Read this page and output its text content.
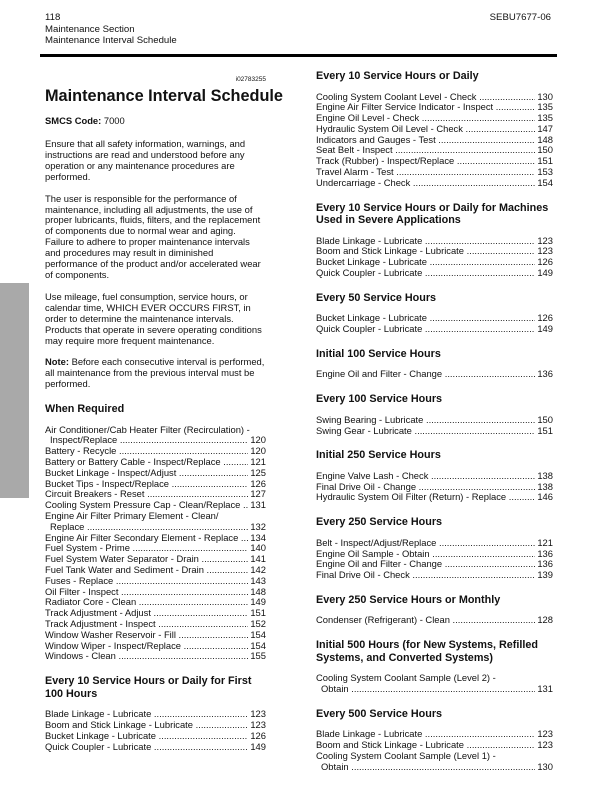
118
Maintenance Section
Maintenance Interval Schedule
SEBU7677-06
i02783255
Maintenance Interval Schedule
SMCS Code: 7000
Ensure that all safety information, warnings, and instructions are read and understood before any operation or any maintenance procedures are performed.
The user is responsible for the performance of maintenance, including all adjustments, the use of proper lubricants, fluids, filters, and the replacement of components due to normal wear and aging. Failure to adhere to proper maintenance intervals and procedures may result in diminished performance of the product and/or accelerated wear of components.
Use mileage, fuel consumption, service hours, or calendar time, WHICH EVER OCCURS FIRST, in order to determine the maintenance intervals. Products that operate in severe operating conditions may require more frequent maintenance.
Note: Before each consecutive interval is performed, all maintenance from the previous interval must be performed.
When Required
Air Conditioner/Cab Heater Filter (Recirculation) -
Inspect/Replace .....	120
Battery - Recycle .....	120
Battery or Battery Cable - Inspect/Replace .....	121
Bucket Linkage - Inspect/Adjust .....	125
Bucket Tips - Inspect/Replace .....	126
Circuit Breakers - Reset .....	127
Cooling System Pressure Cap - Clean/Replace .....	131
Engine Air Filter Primary Element - Clean/
Replace .....	132
Engine Air Filter Secondary Element - Replace .....	134
Fuel System - Prime .....	140
Fuel System Water Separator - Drain .....	141
Fuel Tank Water and Sediment - Drain .....	142
Fuses - Replace .....	143
Oil Filter - Inspect .....	148
Radiator Core - Clean .....	149
Track Adjustment - Adjust .....	151
Track Adjustment - Inspect .....	152
Window Washer Reservoir - Fill .....	154
Window Wiper - Inspect/Replace .....	154
Windows - Clean .....	155
Every 10 Service Hours or Daily for First 100 Hours
Blade Linkage - Lubricate .....	123
Boom and Stick Linkage - Lubricate .....	123
Bucket Linkage - Lubricate .....	126
Quick Coupler - Lubricate .....	149
Every 10 Service Hours or Daily
Cooling System Coolant Level - Check .....	130
Engine Air Filter Service Indicator - Inspect .....	135
Engine Oil Level - Check .....	135
Hydraulic System Oil Level - Check .....	147
Indicators and Gauges - Test .....	148
Seat Belt - Inspect .....	150
Track (Rubber) - Inspect/Replace .....	151
Travel Alarm - Test .....	153
Undercarriage - Check .....	154
Every 10 Service Hours or Daily for Machines Used in Severe Applications
Blade Linkage - Lubricate .....	123
Boom and Stick Linkage - Lubricate .....	123
Bucket Linkage - Lubricate .....	126
Quick Coupler - Lubricate .....	149
Every 50 Service Hours
Bucket Linkage - Lubricate .....	126
Quick Coupler - Lubricate .....	149
Initial 100 Service Hours
Engine Oil and Filter - Change .....	136
Every 100 Service Hours
Swing Bearing - Lubricate .....	150
Swing Gear - Lubricate .....	151
Initial 250 Service Hours
Engine Valve Lash - Check .....	138
Final Drive Oil - Change .....	138
Hydraulic System Oil Filter (Return) - Replace .....	146
Every 250 Service Hours
Belt - Inspect/Adjust/Replace .....	121
Engine Oil Sample - Obtain .....	136
Engine Oil and Filter - Change .....	136
Final Drive Oil - Check .....	139
Every 250 Service Hours or Monthly
Condenser (Refrigerant) - Clean .....	128
Initial 500 Hours (for New Systems, Refilled Systems, and Converted Systems)
Cooling System Coolant Sample (Level 2) -
Obtain .....	131
Every 500 Service Hours
Blade Linkage - Lubricate .....	123
Boom and Stick Linkage - Lubricate .....	123
Cooling System Coolant Sample (Level 1) -
Obtain .....	130
